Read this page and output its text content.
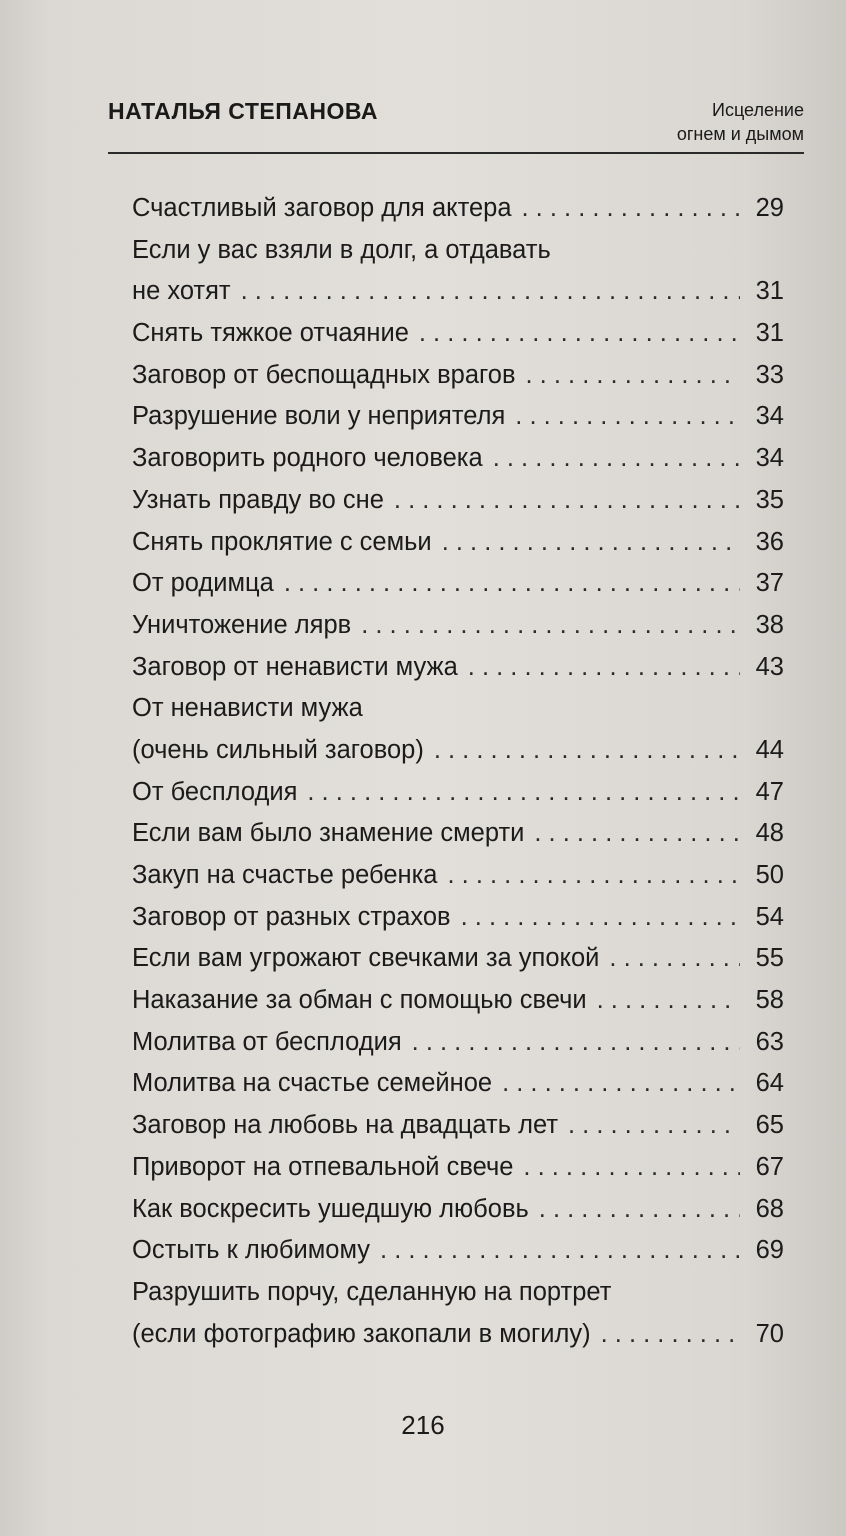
НАТАЛЬЯ СТЕПАНОВА	Исцеление
огнем и дымом
Счастливый заговор для актера . . .	29
Если у вас взяли в долг, а отдавать
не хотят . . .	31
Снять тяжкое отчаяние . . .	31
Заговор от беспощадных врагов . . .	33
Разрушение воли у неприятеля . . .	34
Заговорить родного человека . . .	34
Узнать правду во сне . . .	35
Снять проклятие с семьи . . .	36
От родимца . . .	37
Уничтожение лярв . . .	38
Заговор от ненависти мужа . . .	43
От ненависти мужа
(очень сильный заговор) . . .	44
От бесплодия . . .	47
Если вам было знамение смерти . . .	48
Закуп на счастье ребенка . . .	50
Заговор от разных страхов . . .	54
Если вам угрожают свечками за упокой . . .	55
Наказание за обман с помощью свечи . . .	58
Молитва от бесплодия . . .	63
Молитва на счастье семейное . . .	64
Заговор на любовь на двадцать лет . . .	65
Приворот на отпевальной свече . . .	67
Как воскресить ушедшую любовь . . .	68
Остыть к любимому . . .	69
Разрушить порчу, сделанную на портрет
(если фотографию закопали в могилу) . . .	70
216
